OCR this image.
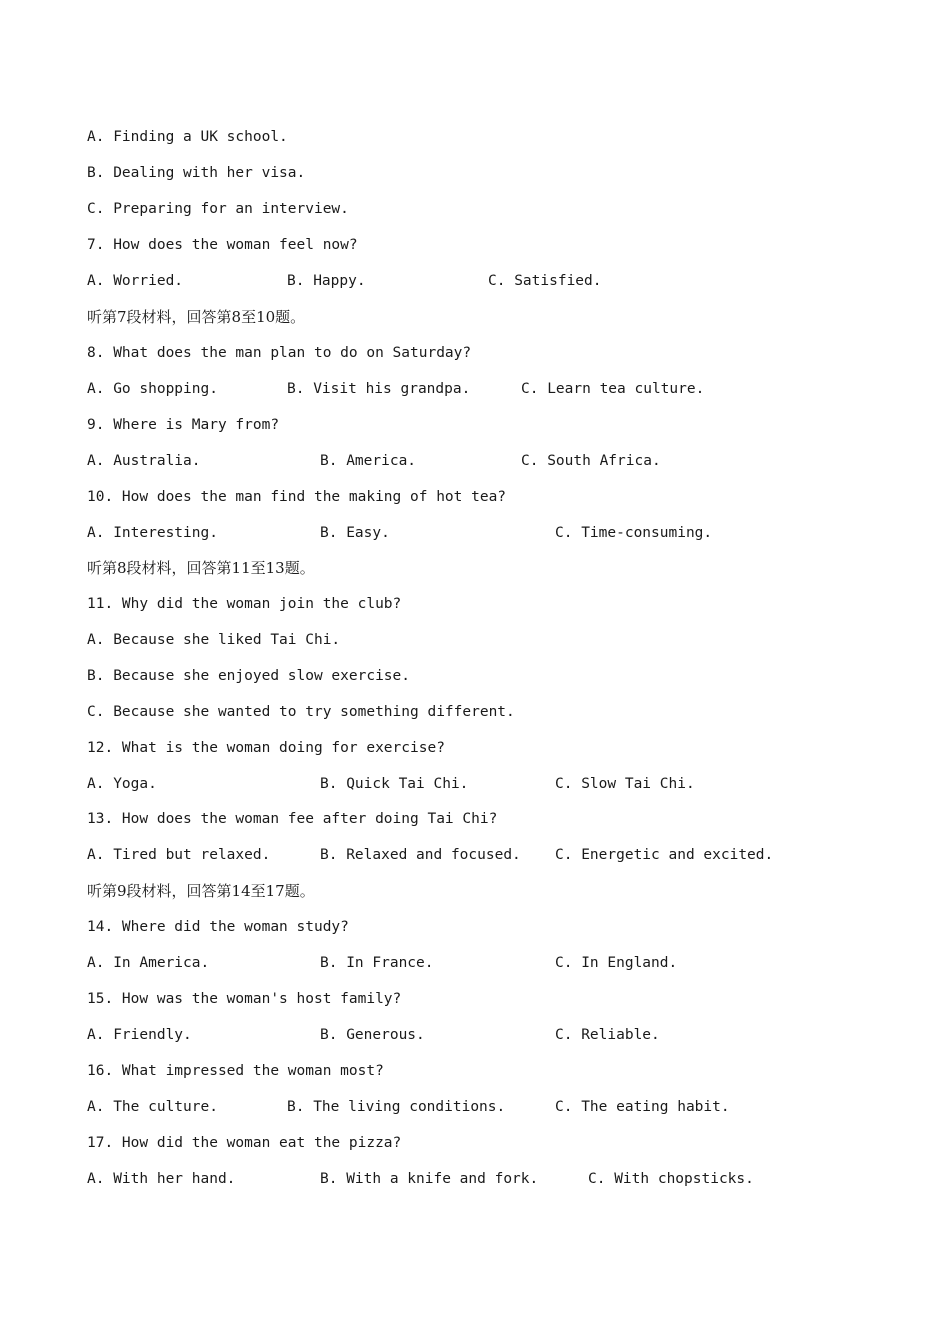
A. Finding a UK school.
B. Dealing with her visa.
C. Preparing for an interview.
7. How does the woman feel now?
A. Worried.	B. Happy.	C. Satisfied.
听第7段材料，回答第8至10题。
8. What does the man plan to do on Saturday?
A. Go shopping.	B. Visit his grandpa.	C. Learn tea culture.
9. Where is Mary from?
A. Australia.	B. America.	C. South Africa.
10. How does the man find the making of hot tea?
A. Interesting.	B. Easy.	C. Time-consuming.
听第8段材料，回答第11至13题。
11. Why did the woman join the club?
A. Because she liked Tai Chi.
B. Because she enjoyed slow exercise.
C. Because she wanted to try something different.
12. What is the woman doing for exercise?
A. Yoga.	B. Quick Tai Chi.	C. Slow Tai Chi.
13. How does the woman fee after doing Tai Chi?
A. Tired but relaxed.	B. Relaxed and focused. C. Energetic and excited.
听第9段材料，回答第14至17题。
14. Where did the woman study?
A. In America.	B. In France.	C. In England.
15. How was the woman's host family?
A. Friendly.	B. Generous.	C. Reliable.
16. What impressed the woman most?
A. The culture.	B. The living conditions.	C. The eating habit.
17. How did the woman eat the pizza?
A. With her hand.	B. With a knife and fork.	C. With chopsticks.
